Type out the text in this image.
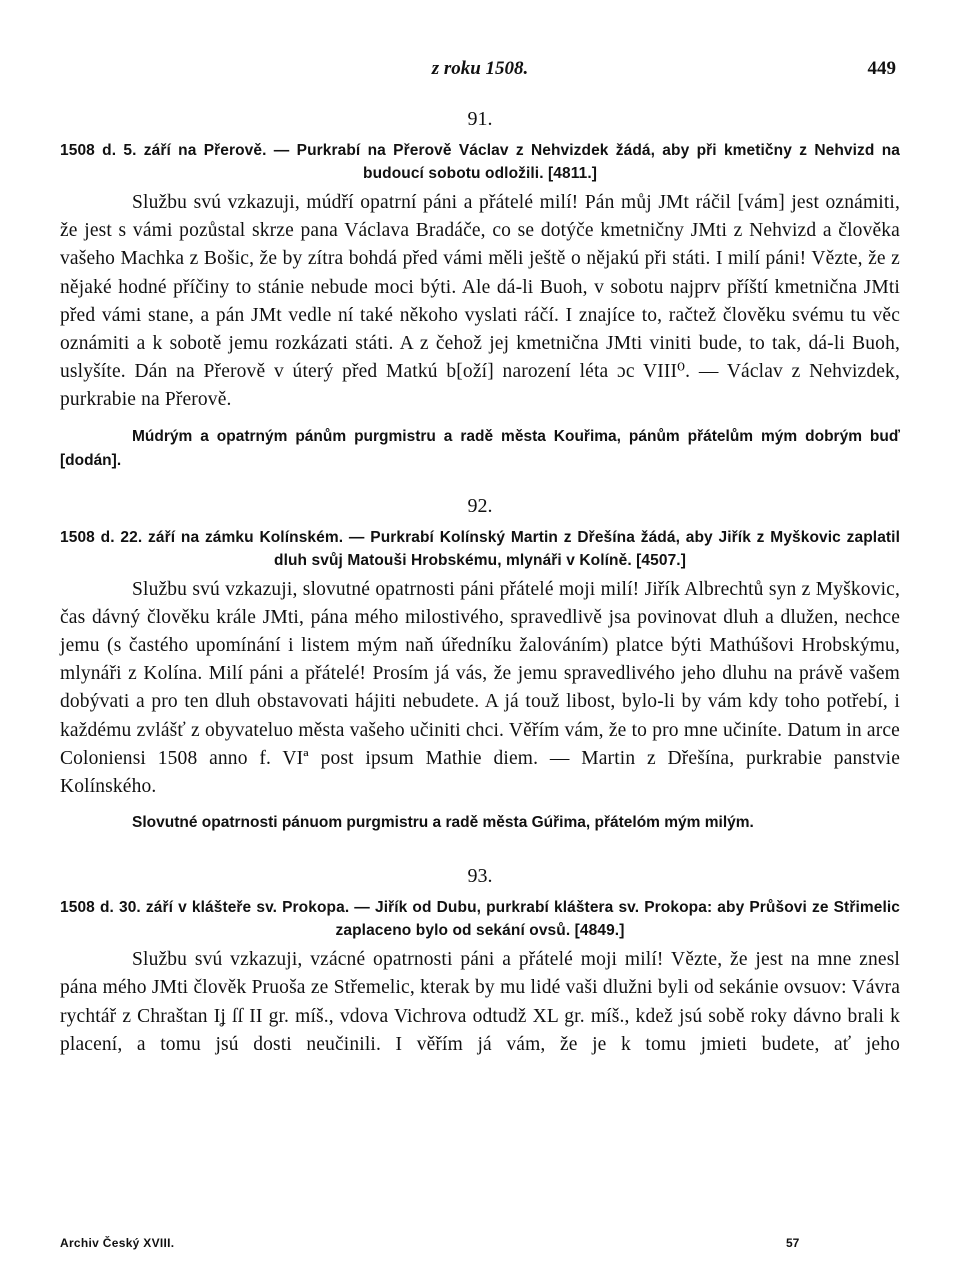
z roku 1508.	449
91.

1508 d. 5. září na Přerově. — Purkrabí na Přerově Václav z Nehvizdek žádá, aby při kmetičny z Nehvizd na budoucí sobotu odložili. [4811.]

Službu svú vzkazuji, múdří opatrní páni a přátelé milí! Pán můj JMt ráčil [vám] jest oznámiti, že jest s vámi pozůstal skrze pana Václava Bradáče, co se dotýče kmetničny JMti z Nehvizd a člověka vašeho Machka z Bošic, že by zítra bohdá před vámi měli ještě o nějakú při státi. I milí páni! Vězte, že z nějaké hodné příčiny to stánie nebude moci býti. Ale dá-li Buoh, v sobotu najprv příští kmetničnа JMti před vámi stane, a pán JMt vedle ní také někoho vyslati ráčí. I znajíce to, račtež člověku svému tu věc oznámiti a k sobotě jemu rozkázati státi. A z čehož jej kmetničnа JMti viniti bude, to tak, dá-li Buoh, uslyšíte. Dán na Přerově v úterý před Matkú b[oží] narození léta ɔc VIII⁰. — Václav z Nehvizdek, purkrabie na Přerově.

Múdrým a opatrným pánům purgmistru a radě města Kouřima, pánům přátelům mým dobrým buď [dodán].

92.

1508 d. 22. září na zámku Kolínském. — Purkrabí Kolínský Martin z Dřešína žádá, aby Jiřík z Myškovic zaplatil dluh svůj Matoušі Hrobskému, mlynáři v Kolíně. [4507.]

Službu svú vzkazuji, slovutné opatrnosti páni přátelé moji milí! Jiřík Albrechtů syn z Myškovic, čas dávný člověku krále JMti, pána mého milostivého, spravedlivě jsa povinovat dluh a dlužen, nechce jemu (s častého upomínání i listem mým naň úředníku žalováním) platce býti Mathúšovi Hrobskýmu, mlynáři z Kolína. Milí páni a přátelé! Prosím já vás, že jemu spravedlivého jeho dluhu na právě vašem dobývati a pro ten dluh obstavovati hájiti nebudete. A já touž libost, bylo-li by vám kdy toho potřebí, i každému zvlášť z obyvateluo města vašeho učiniti chci. Věřím vám, že to pro mne učiníte. Datum in arce Coloniensi 1508 anno f. VIª post ipsum Mathie diem. — Martin z Dřešína, purkrabie panstvie Kolínského.

Slovutné opatrnosti pánuom purgmistru a radě města Gúřima, přátelóm mým milým.

93.

1508 d. 30. září v klášteře sv. Prokopa. — Jiřík od Dubu, purkrabí kláštera sv. Prokopa: aby Průšovi ze Střimelic zaplaceno bylo od sekání ovsů. [4849.]

Službu svú vzkazuji, vzácné opatrnosti páni a přátelé moji milí! Vězte, že jest na mne znesl pána mého JMti člověk Pruoša ze Střemelic, kterak by mu lidé vaši dlužni byli od sekánie ovsuov: Vávra rychtář z Chraštan Iʝ ſſ II gr. míš., vdova Vichrova odtudž XL gr. míš., kdež jsú sobě roky dávno brali k placení, a tomu jsú dosti neučinili. I věřím já vám, že je k tomu jmieti budete, ať jeho

Archiv Český XVIII.	57
